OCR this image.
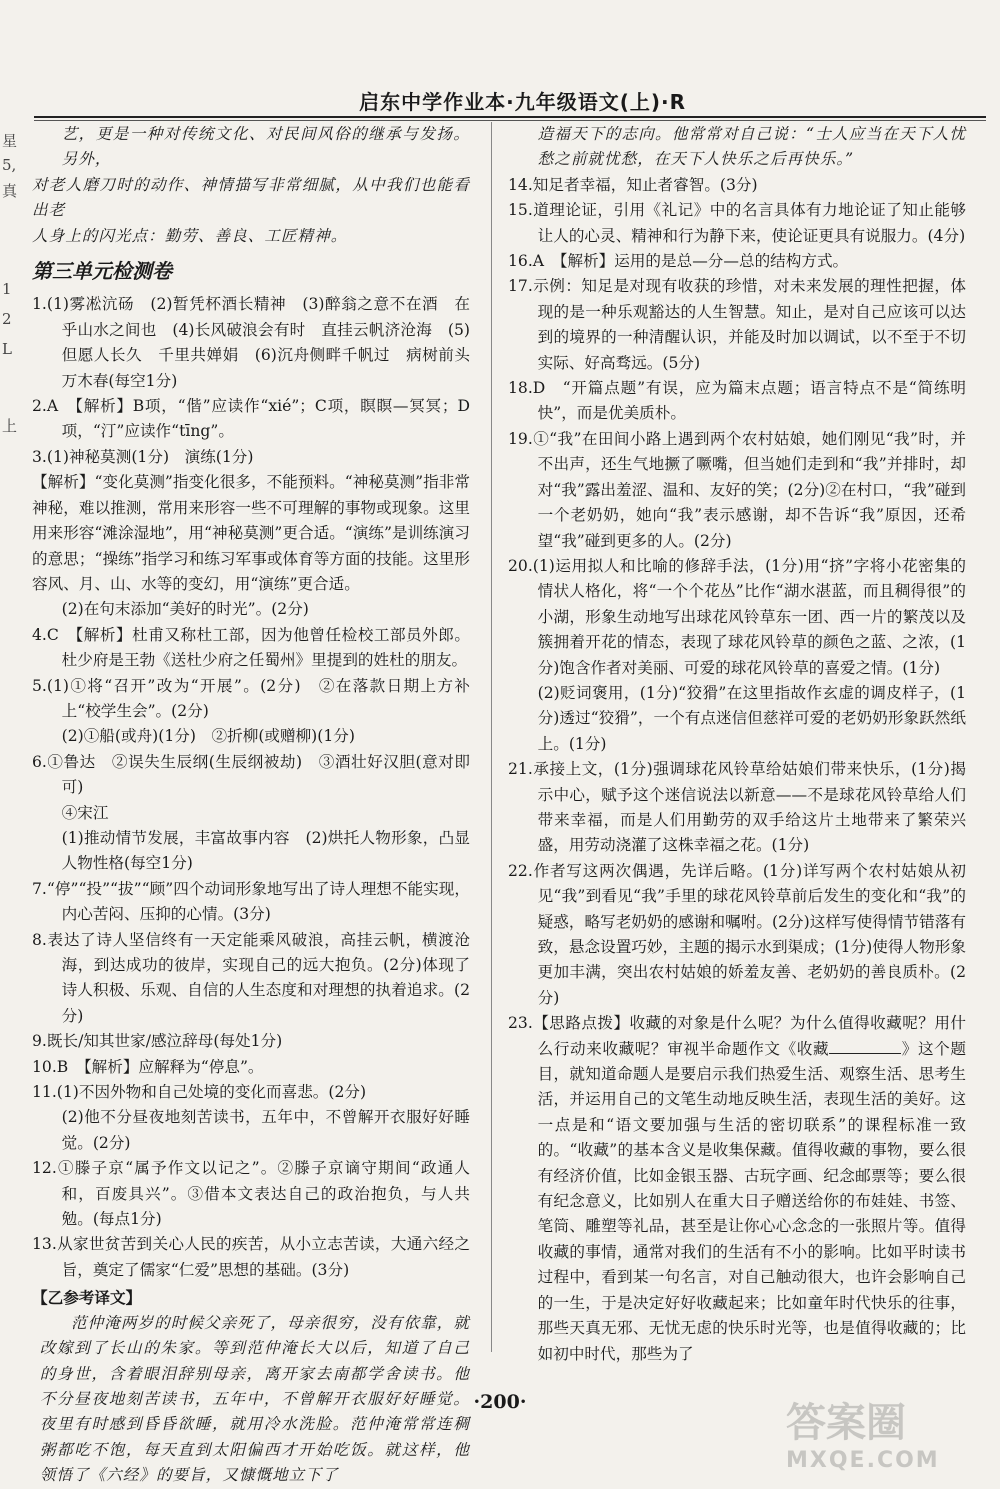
星
5,
真
1
2
L
上
启东中学作业本·九年级语文(上)·R

艺，更是一种对传统文化、对民间风俗的继承与发扬。另外，

对老人磨刀时的动作、神情描写非常细腻，从中我们也能看出老

人身上的闪光点：勤劳、善良、工匠精神。

第三单元检测卷

1.(1)雾凇沆砀　(2)暂凭杯酒长精神　(3)醉翁之意不在酒　在乎山水之间也　(4)长风破浪会有时　直挂云帆济沧海　(5)但愿人长久　千里共婵娟　(6)沉舟侧畔千帆过　病树前头万木春(每空1分)

2.A　【解析】B项，“偕”应读作“xié”；C项，瞑瞑—冥冥；D项，“汀”应读作“tīng”。

3.(1)神秘莫测(1分)　演练(1分)

【解析】“变化莫测”指变化很多，不能预料。“神秘莫测”指非常神秘，难以推测，常用来形容一些不可理解的事物或现象。这里用来形容“滩涂湿地”，用“神秘莫测”更合适。“演练”是训练演习的意思；“操练”指学习和练习军事或体育等方面的技能。这里形容风、月、山、水等的变幻，用“演练”更合适。

(2)在句末添加“美好的时光”。(2分)

4.C　【解析】杜甫又称杜工部，因为他曾任检校工部员外郎。杜少府是王勃《送杜少府之任蜀州》里提到的姓杜的朋友。

5.(1)①将“召开”改为“开展”。(2分)　②在落款日期上方补上“校学生会”。(2分)

(2)①船(或舟)(1分)　②折柳(或赠柳)(1分)

6.①鲁达　②误失生辰纲(生辰纲被劫)　③酒壮好汉胆(意对即可)

④宋江

(1)推动情节发展，丰富故事内容　(2)烘托人物形象，凸显人物性格(每空1分)

7.“停”“投”“拔”“顾”四个动词形象地写出了诗人理想不能实现，内心苦闷、压抑的心情。(3分)

8.表达了诗人坚信终有一天定能乘风破浪，高挂云帆，横渡沧海，到达成功的彼岸，实现自己的远大抱负。(2分)体现了诗人积极、乐观、自信的人生态度和对理想的执着追求。(2分)

9.既长/知其世家/感泣辞母(每处1分)

10.B　【解析】应解释为“停息”。

11.(1)不因外物和自己处境的变化而喜悲。(2分)

(2)他不分昼夜地刻苦读书，五年中，不曾解开衣服好好睡觉。(2分)

12.①滕子京“属予作文以记之”。②滕子京谪守期间“政通人和，百废具兴”。③借本文表达自己的政治抱负，与人共勉。(每点1分)

13.从家世贫苦到关心人民的疾苦，从小立志苦读，大通六经之旨，奠定了儒家“仁爱”思想的基础。(3分)

【乙参考译文】

范仲淹两岁的时候父亲死了，母亲很穷，没有依靠，就改嫁到了长山的朱家。等到范仲淹长大以后，知道了自己的身世，含着眼泪辞别母亲，离开家去南都学舍读书。他不分昼夜地刻苦读书，五年中，不曾解开衣服好好睡觉。夜里有时感到昏昏欲睡，就用冷水洗脸。范仲淹常常连稠粥都吃不饱，每天直到太阳偏西才开始吃饭。就这样，他领悟了《六经》的要旨，又慷慨地立下了

造福天下的志向。他常常对自己说：“士人应当在天下人忧愁之前就忧愁，在天下人快乐之后再快乐。”

14.知足者幸福，知止者睿智。(3分)

15.道理论证，引用《礼记》中的名言具体有力地论证了知止能够让人的心灵、精神和行为静下来，使论证更具有说服力。(4分)

16.A　【解析】运用的是总—分—总的结构方式。

17.示例：知足是对现有收获的珍惜，对未来发展的理性把握，体现的是一种乐观豁达的人生智慧。知止，是对自己应该可以达到的境界的一种清醒认识，并能及时加以调试，以不至于不切实际、好高骛远。(5分)

18.D　“开篇点题”有误，应为篇末点题；语言特点不是“简练明快”，而是优美质朴。

19.①“我”在田间小路上遇到两个农村姑娘，她们刚见“我”时，并不出声，还生气地撅了噘嘴，但当她们走到和“我”并排时，却对“我”露出羞涩、温和、友好的笑；(2分)②在村口，“我”碰到一个老奶奶，她向“我”表示感谢，却不告诉“我”原因，还希望“我”碰到更多的人。(2分)

20.(1)运用拟人和比喻的修辞手法，(1分)用“挤”字将小花密集的情状人格化，将“一个个花丛”比作“湖水湛蓝，而且稠得很”的小湖，形象生动地写出球花风铃草东一团、西一片的繁茂以及簇拥着开花的情态，表现了球花风铃草的颜色之蓝、之浓，(1分)饱含作者对美丽、可爱的球花风铃草的喜爱之情。(1分)

(2)贬词褒用，(1分)“狡猾”在这里指故作玄虚的调皮样子，(1分)透过“狡猾”，一个有点迷信但慈祥可爱的老奶奶形象跃然纸上。(1分)

21.承接上文，(1分)强调球花风铃草给姑娘们带来快乐，(1分)揭示中心，赋予这个迷信说法以新意——不是球花风铃草给人们带来幸福，而是人们用勤劳的双手给这片土地带来了繁荣兴盛，用劳动浇灌了这株幸福之花。(1分)

22.作者写这两次偶遇，先详后略。(1分)详写两个农村姑娘从初见“我”到看见“我”手里的球花风铃草前后发生的变化和“我”的疑惑，略写老奶奶的感谢和嘱咐。(2分)这样写使得情节错落有致，悬念设置巧妙，主题的揭示水到渠成；(1分)使得人物形象更加丰满，突出农村姑娘的娇羞友善、老奶奶的善良质朴。(2分)

23.【思路点拨】收藏的对象是什么呢？为什么值得收藏呢？用什么行动来收藏呢？审视半命题作文《收藏	》这个题目，就知道命题人是要启示我们热爱生活、观察生活、思考生活，并运用自己的文笔生动地反映生活，表现生活的美好。这一点是和“语文要加强与生活的密切联系”的课程标准一致的。“收藏”的基本含义是收集保藏。值得收藏的事物，要么很有经济价值，比如金银玉器、古玩字画、纪念邮票等；要么很有纪念意义，比如别人在重大日子赠送给你的布娃娃、书签、笔筒、雕塑等礼品，甚至是让你心心念念的一张照片等。值得收藏的事情，通常对我们的生活有不小的影响。比如平时读书过程中，看到某一句名言，对自己触动很大，也许会影响自己的一生，于是决定好好收藏起来；比如童年时代快乐的往事，那些天真无邪、无忧无虑的快乐时光等，也是值得收藏的；比如初中时代，那些为了

·200·	答案圈
MXQE.COM
